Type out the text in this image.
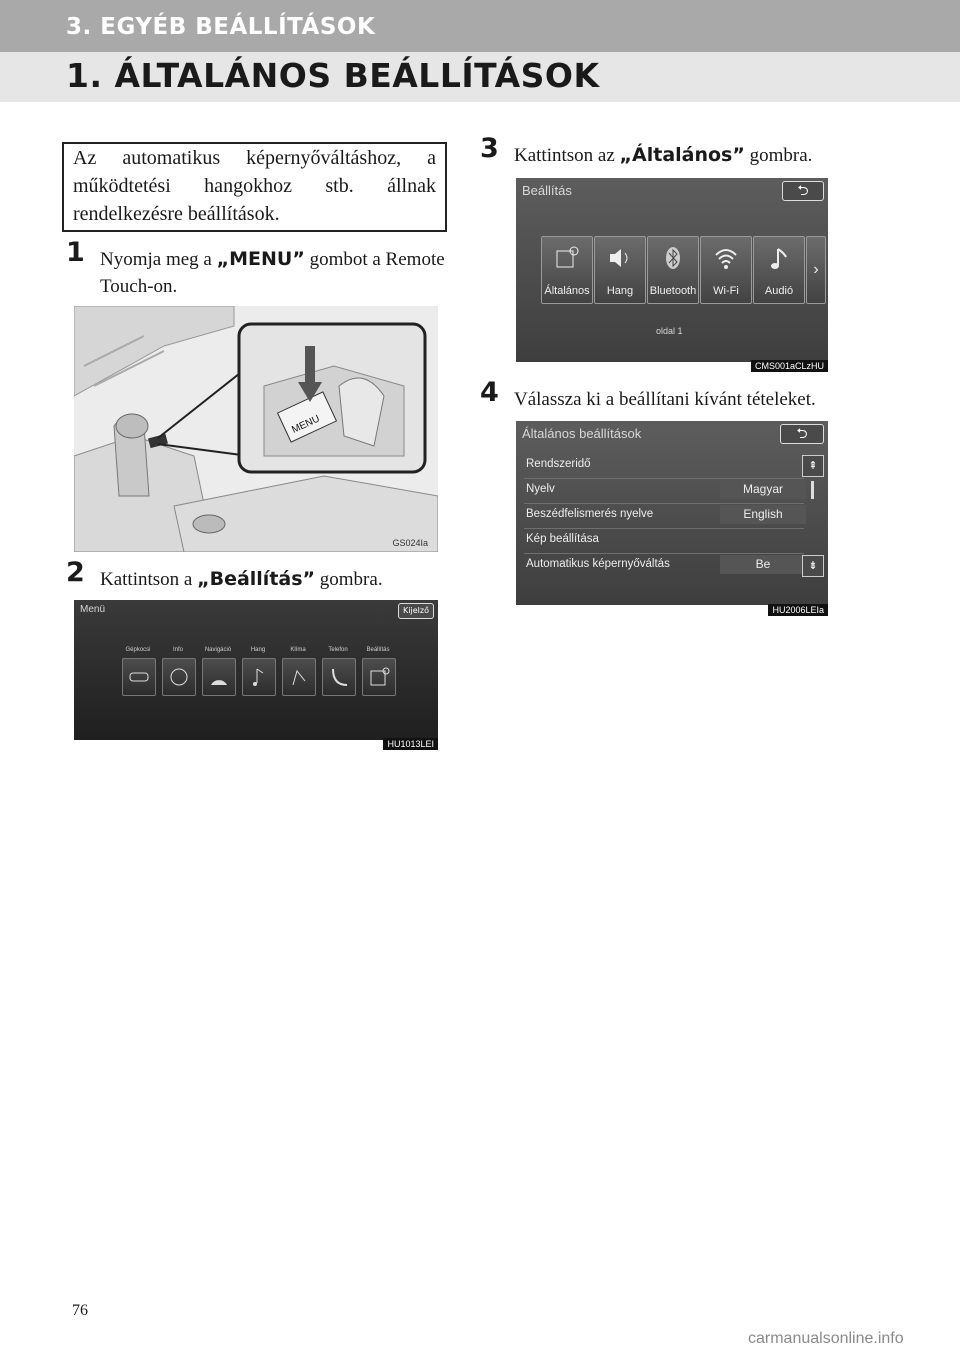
3. EGYÉB BEÁLLÍTÁSOK
1. ÁLTALÁNOS BEÁLLÍTÁSOK
Az automatikus képernyőváltáshoz, a működtetési hangokhoz stb. állnak rendelkezésre beállítások.
1 Nyomja meg a „MENU” gombot a Remote Touch-on.
MENU
GS024Ia
2 Kattintson a „Beállítás” gombra.
Menü	Kijelző
Gépkocsi	Info	Navigáció	Hang	Klíma	Telefon	Beállítás
HU1013LEI
3 Kattintson az „Általános” gombra.
Beállítás	⮌
Általános	Hang	Bluetooth	Wi-Fi	Audió
›
oldal 1
CMS001aCLzHU
4 Válassza ki a beállítani kívánt tételeket.
Általános beállítások	⮌
Rendszeridő
Nyelv	Magyar
Beszédfelismerés nyelve	English
Kép beállítása
Automatikus képernyőváltás	Be
⇞
⇟
HU2006LEIa
76
carmanualsonline.info
